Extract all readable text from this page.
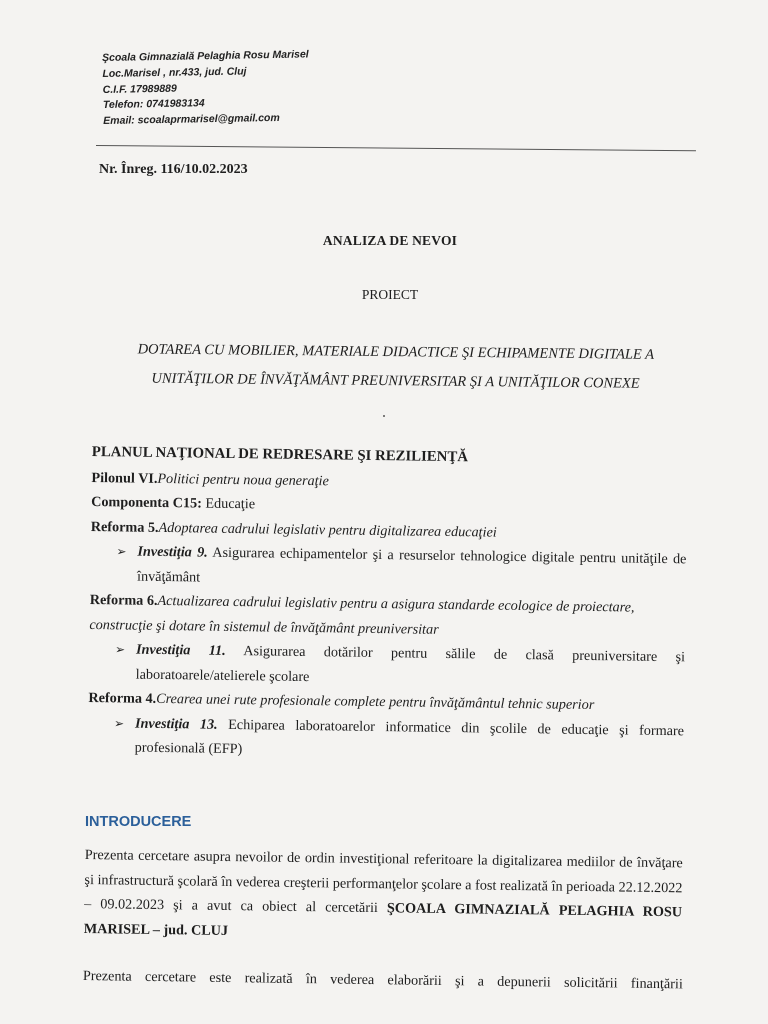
Şcoala Gimnazială Pelaghia Rosu Marisel
Loc.Marisel , nr.433, jud. Cluj
C.I.F. 17989889
Telefon: 0741983134
Email: scoalaprmarisel@gmail.com
Nr. Înreg. 116/10.02.2023
ANALIZA DE NEVOI
PROIECT
DOTAREA CU MOBILIER, MATERIALE DIDACTICE ŞI ECHIPAMENTE DIGITALE A
UNITĂŢILOR DE ÎNVĂŢĂMÂNT PREUNIVERSITAR ŞI A UNITĂŢILOR CONEXE
PLANUL NAŢIONAL DE REDRESARE ŞI REZILIENŢĂ
Pilonul VI.Politici pentru noua generaţie
Componenta C15: Educaţie
Reforma 5.Adoptarea cadrului legislativ pentru digitalizarea educaţiei
➢ Investiţia 9. Asigurarea echipamentelor şi a resurselor tehnologice digitale pentru unităţile de învăţământ
Reforma 6.Actualizarea cadrului legislativ pentru a asigura standarde ecologice de proiectare, construcţie şi dotare în sistemul de învăţământ preuniversitar
➢ Investiţia 11. Asigurarea dotărilor pentru sălile de clasă preuniversitare şi laboratoarele/atelierele şcolare
Reforma 4.Crearea unei rute profesionale complete pentru învăţământul tehnic superior
➢ Investiţia 13. Echiparea laboratoarelor informatice din şcolile de educaţie şi formare profesională (EFP)
INTRODUCERE
Prezenta cercetare asupra nevoilor de ordin investiţional referitoare la digitalizarea mediilor de învăţare şi infrastructură şcolară în vederea creşterii performanţelor şcolare a fost realizată în perioada 22.12.2022 – 09.02.2023 şi a avut ca obiect al cercetării ŞCOALA GIMNAZIALĂ PELAGHIA ROSU MARISEL – jud. CLUJ
Prezenta cercetare este realizată în vederea elaborării şi a depunerii solicitării finanţării
